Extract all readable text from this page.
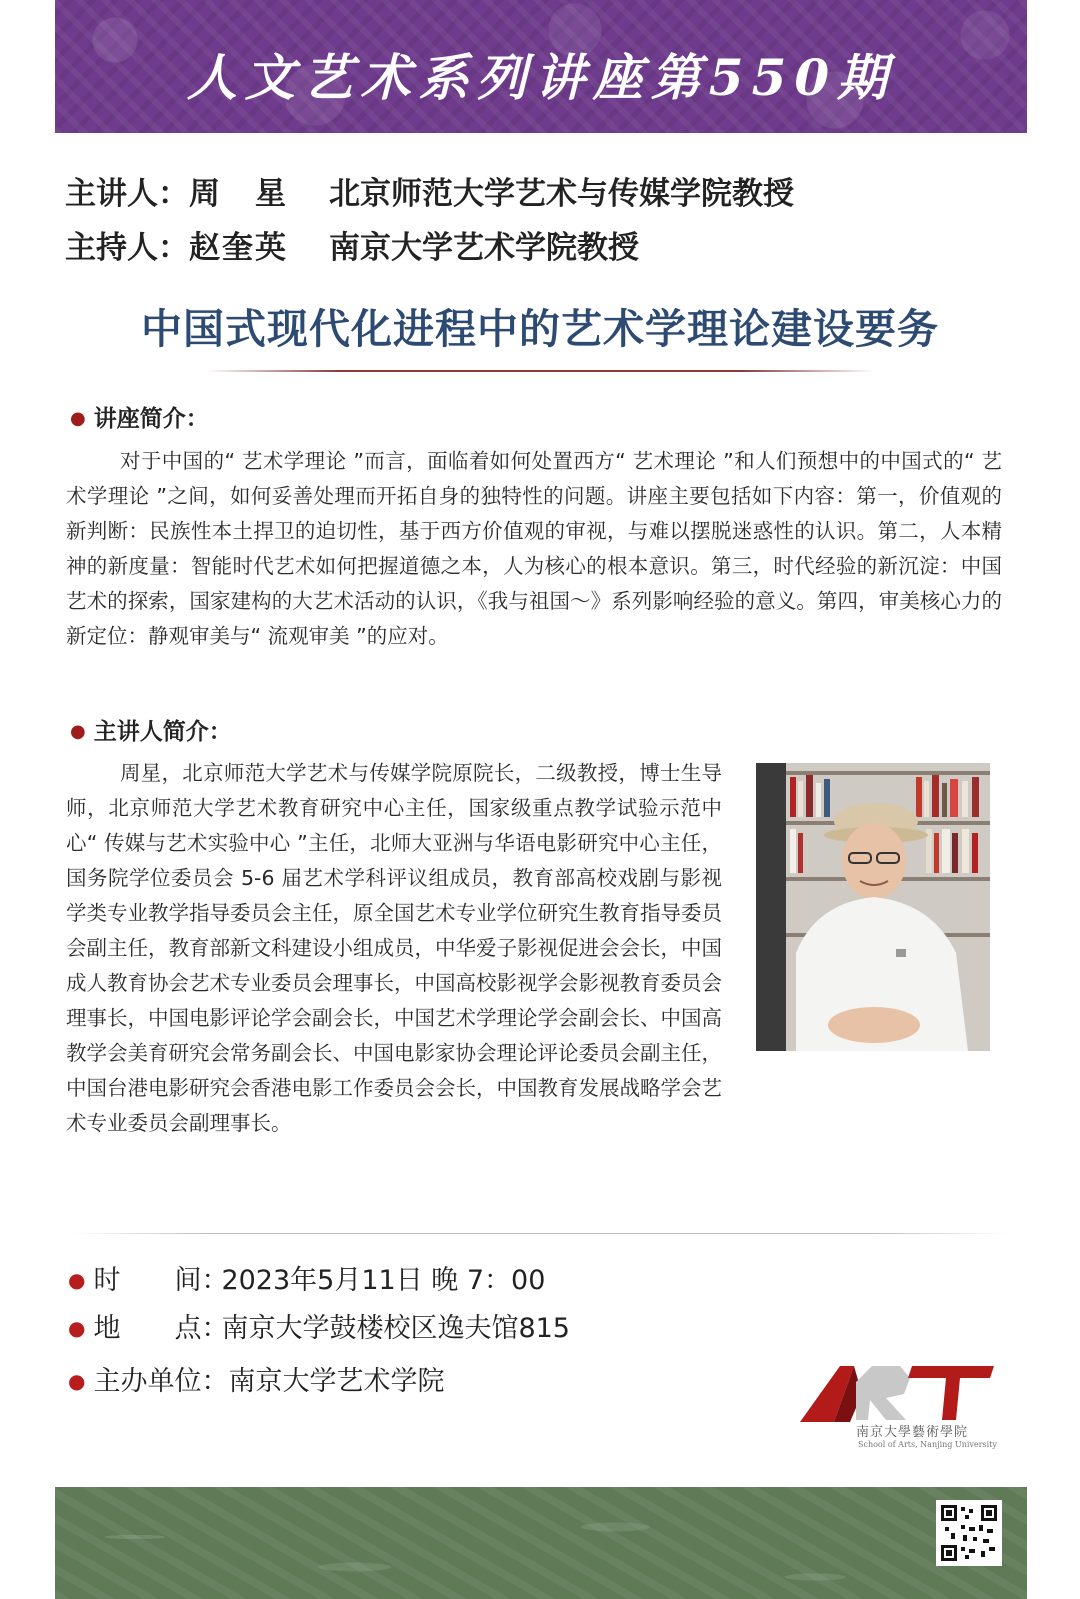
人文艺术系列讲座第550期
主讲人：周　星 北京师范大学艺术与传媒学院教授
主持人：赵奎英 南京大学艺术学院教授
中国式现代化进程中的艺术学理论建设要务
● 讲座简介：
对于中国的“ 艺术学理论 ”而言，面临着如何处置西方“ 艺术理论 ”和人们预想中的中国式的“ 艺术学理论 ”之间，如何妥善处理而开拓自身的独特性的问题。讲座主要包括如下内容：第一，价值观的新判断：民族性本土捍卫的迫切性，基于西方价值观的审视，与难以摆脱迷惑性的认识。第二，人本精神的新度量：智能时代艺术如何把握道德之本，人为核心的根本意识。第三，时代经验的新沉淀：中国艺术的探索，国家建构的大艺术活动的认识，《我与祖国～》系列影响经验的意义。第四，审美核心力的新定位：静观审美与“ 流观审美 ”的应对。
● 主讲人简介：
周星，北京师范大学艺术与传媒学院原院长，二级教授，博士生导师，北京师范大学艺术教育研究中心主任，国家级重点教学试验示范中心“ 传媒与艺术实验中心 ”主任，北师大亚洲与华语电影研究中心主任，国务院学位委员会 5-6 届艺术学科评议组成员，教育部高校戏剧与影视学类专业教学指导委员会主任，原全国艺术专业学位研究生教育指导委员会副主任，教育部新文科建设小组成员，中华爱子影视促进会会长，中国成人教育协会艺术专业委员会理事长，中国高校影视学会影视教育委员会理事长，中国电影评论学会副会长，中国艺术学理论学会副会长、中国高教学会美育研究会常务副会长、中国电影家协会理论评论委员会副主任，中国台港电影研究会香港电影工作委员会会长，中国教育发展战略学会艺术专业委员会副理事长。
● 时　　间：2023年5月11日 晚 7：00
● 地　　点：南京大学鼓楼校区逸夫馆815
● 主办单位：南京大学艺术学院
南京大學藝術學院
School of Arts, Nanjing University
